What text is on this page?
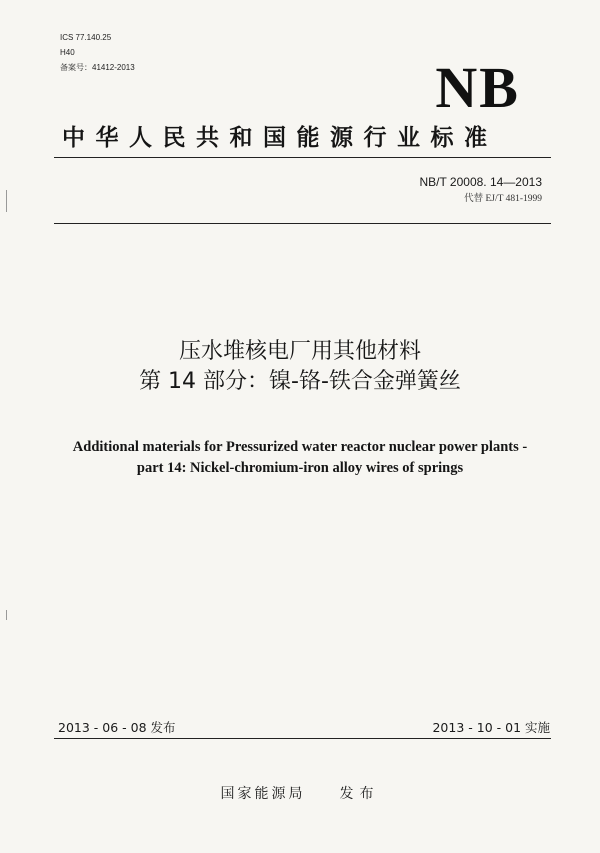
ICS 77.140.25
H40
备案号：41412-2013	NB
中华人民共和国能源行业标准
NB/T 20008. 14—2013
代替 EJ/T 481-1999
压水堆核电厂用其他材料
第 14 部分：镍-铬-铁合金弹簧丝
Additional materials for Pressurized water reactor nuclear power plants -
part 14: Nickel-chromium-iron alloy wires of springs
2013 - 06 - 08 发布	2013 - 10 - 01 实施
国家能源局 发布
